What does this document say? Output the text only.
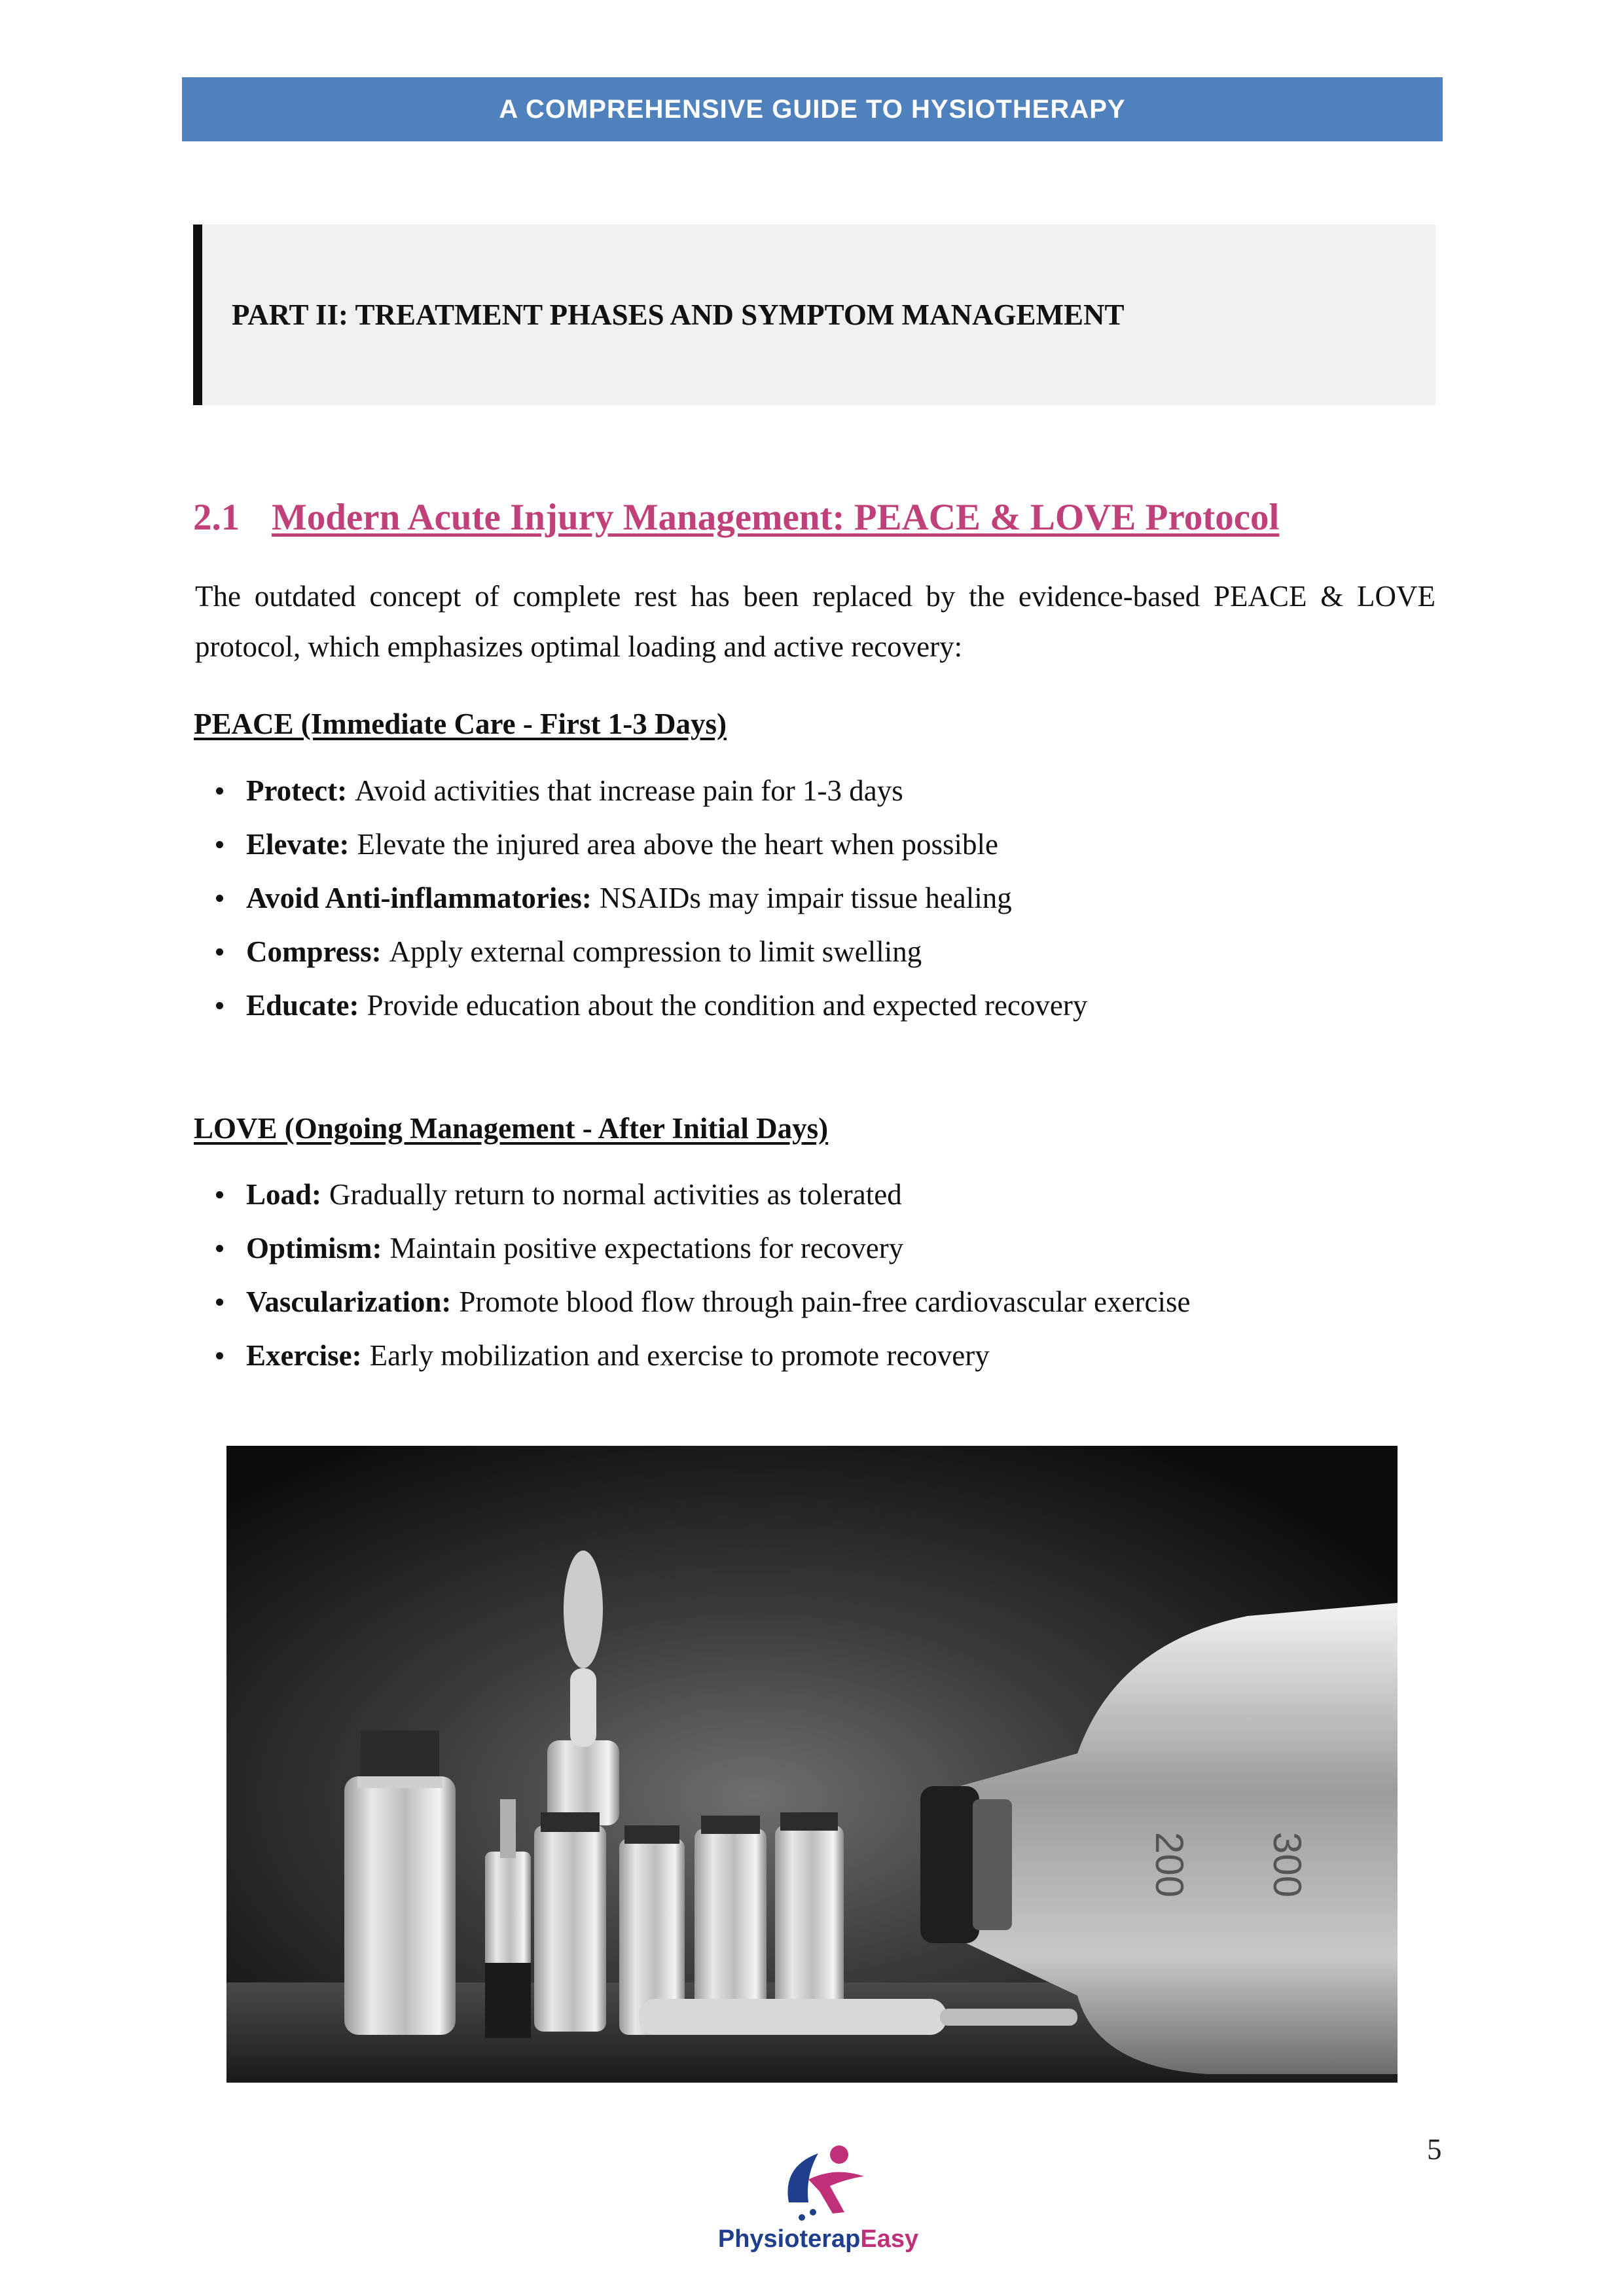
A COMPREHENSIVE GUIDE TO HYSIOTHERAPY
PART II: TREATMENT PHASES AND SYMPTOM MANAGEMENT
2.1 Modern Acute Injury Management: PEACE & LOVE Protocol

The outdated concept of complete rest has been replaced by the evidence-based PEACE & LOVE protocol, which emphasizes optimal loading and active recovery:

PEACE (Immediate Care - First 1-3 Days)
Protect: Avoid activities that increase pain for 1-3 days
Elevate: Elevate the injured area above the heart when possible
Avoid Anti-inflammatories: NSAIDs may impair tissue healing
Compress: Apply external compression to limit swelling
Educate: Provide education about the condition and expected recovery
LOVE (Ongoing Management - After Initial Days)
Load: Gradually return to normal activities as tolerated
Optimism: Maintain positive expectations for recovery
Vascularization: Promote blood flow through pain-free cardiovascular exercise
Exercise: Early mobilization and exercise to promote recovery
200 300
5
PhysioterapEasy
